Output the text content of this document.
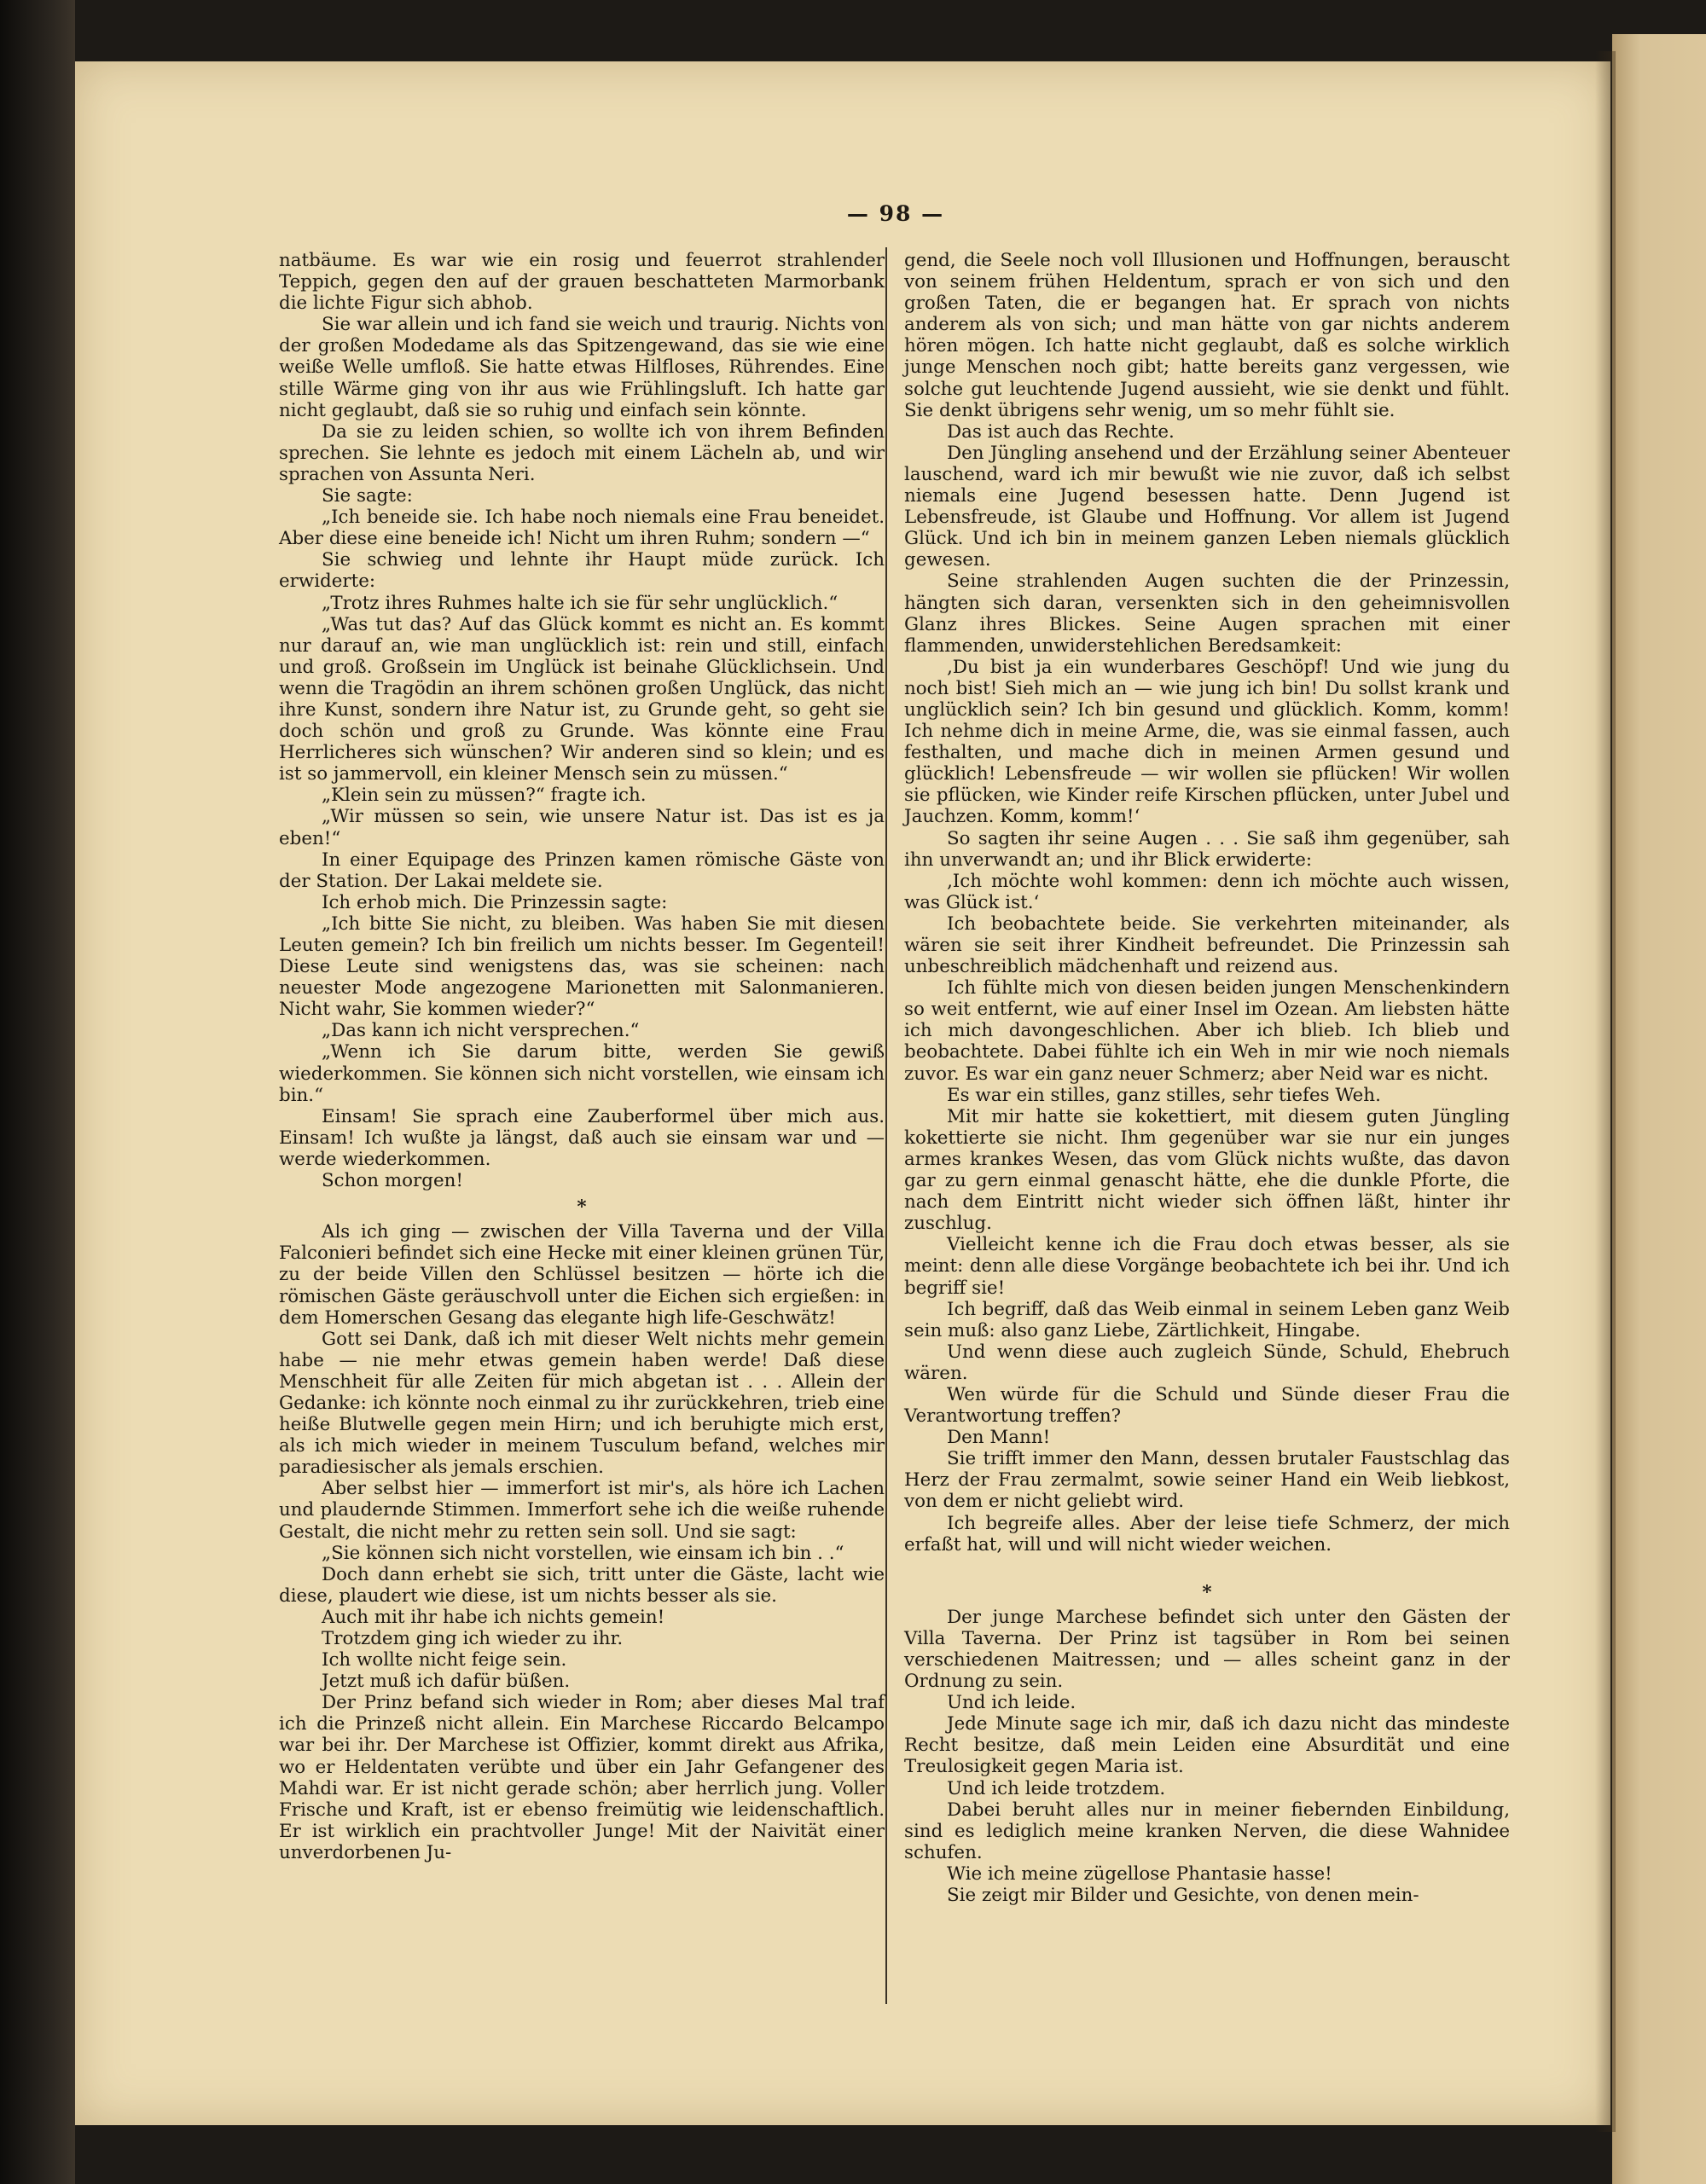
— 98 —

natbäume. Es war wie ein rosig und feuerrot strahlender Teppich, gegen den auf der grauen beschatteten Marmorbank die lichte Figur sich abhob.

Sie war allein und ich fand sie weich und traurig. Nichts von der großen Modedame als das Spitzengewand, das sie wie eine weiße Welle umfloß. Sie hatte etwas Hilfloses, Rührendes. Eine stille Wärme ging von ihr aus wie Frühlingsluft. Ich hatte gar nicht geglaubt, daß sie so ruhig und einfach sein könnte.

Da sie zu leiden schien, so wollte ich von ihrem Befinden sprechen. Sie lehnte es jedoch mit einem Lächeln ab, und wir sprachen von Assunta Neri.

Sie sagte:

„Ich beneide sie. Ich habe noch niemals eine Frau beneidet. Aber diese eine beneide ich! Nicht um ihren Ruhm; sondern —“

Sie schwieg und lehnte ihr Haupt müde zurück. Ich erwiderte:

„Trotz ihres Ruhmes halte ich sie für sehr unglücklich.“

„Was tut das? Auf das Glück kommt es nicht an. Es kommt nur darauf an, wie man unglücklich ist: rein und still, einfach und groß. Großsein im Unglück ist beinahe Glücklichsein. Und wenn die Tragödin an ihrem schönen großen Unglück, das nicht ihre Kunst, sondern ihre Natur ist, zu Grunde geht, so geht sie doch schön und groß zu Grunde. Was könnte eine Frau Herrlicheres sich wünschen? Wir anderen sind so klein; und es ist so jammervoll, ein kleiner Mensch sein zu müssen.“

„Klein sein zu müssen?“ fragte ich.

„Wir müssen so sein, wie unsere Natur ist. Das ist es ja eben!“

In einer Equipage des Prinzen kamen römische Gäste von der Station. Der Lakai meldete sie.

Ich erhob mich. Die Prinzessin sagte:

„Ich bitte Sie nicht, zu bleiben. Was haben Sie mit diesen Leuten gemein? Ich bin freilich um nichts besser. Im Gegenteil! Diese Leute sind wenigstens das, was sie scheinen: nach neuester Mode angezogene Marionetten mit Salonmanieren. Nicht wahr, Sie kommen wieder?“

„Das kann ich nicht versprechen.“

„Wenn ich Sie darum bitte, werden Sie gewiß wiederkommen. Sie können sich nicht vorstellen, wie einsam ich bin.“

Einsam! Sie sprach eine Zauberformel über mich aus. Einsam! Ich wußte ja längst, daß auch sie einsam war und — werde wiederkommen.

Schon morgen!

*

Als ich ging — zwischen der Villa Taverna und der Villa Falconieri befindet sich eine Hecke mit einer kleinen grünen Tür, zu der beide Villen den Schlüssel besitzen — hörte ich die römischen Gäste geräuschvoll unter die Eichen sich ergießen: in dem Homerschen Gesang das elegante high life-Geschwätz!

Gott sei Dank, daß ich mit dieser Welt nichts mehr gemein habe — nie mehr etwas gemein haben werde! Daß diese Menschheit für alle Zeiten für mich abgetan ist . . . Allein der Gedanke: ich könnte noch einmal zu ihr zurückkehren, trieb eine heiße Blutwelle gegen mein Hirn; und ich beruhigte mich erst, als ich mich wieder in meinem Tusculum befand, welches mir paradiesischer als jemals erschien.

Aber selbst hier — immerfort ist mir's, als höre ich Lachen und plaudernde Stimmen. Immerfort sehe ich die weiße ruhende Gestalt, die nicht mehr zu retten sein soll. Und sie sagt:

„Sie können sich nicht vorstellen, wie einsam ich bin . .“

Doch dann erhebt sie sich, tritt unter die Gäste, lacht wie diese, plaudert wie diese, ist um nichts besser als sie.

Auch mit ihr habe ich nichts gemein!

Trotzdem ging ich wieder zu ihr.

Ich wollte nicht feige sein.

Jetzt muß ich dafür büßen.

Der Prinz befand sich wieder in Rom; aber dieses Mal traf ich die Prinzeß nicht allein. Ein Marchese Riccardo Belcampo war bei ihr. Der Marchese ist Offizier, kommt direkt aus Afrika, wo er Heldentaten verübte und über ein Jahr Gefangener des Mahdi war. Er ist nicht gerade schön; aber herrlich jung. Voller Frische und Kraft, ist er ebenso freimütig wie leidenschaftlich. Er ist wirklich ein prachtvoller Junge! Mit der Naivität einer unverdorbenen Ju-

gend, die Seele noch voll Illusionen und Hoffnungen, berauscht von seinem frühen Heldentum, sprach er von sich und den großen Taten, die er begangen hat. Er sprach von nichts anderem als von sich; und man hätte von gar nichts anderem hören mögen. Ich hatte nicht geglaubt, daß es solche wirklich junge Menschen noch gibt; hatte bereits ganz vergessen, wie solche gut leuchtende Jugend aussieht, wie sie denkt und fühlt. Sie denkt übrigens sehr wenig, um so mehr fühlt sie.

Das ist auch das Rechte.

Den Jüngling ansehend und der Erzählung seiner Abenteuer lauschend, ward ich mir bewußt wie nie zuvor, daß ich selbst niemals eine Jugend besessen hatte. Denn Jugend ist Lebensfreude, ist Glaube und Hoffnung. Vor allem ist Jugend Glück. Und ich bin in meinem ganzen Leben niemals glücklich gewesen.

Seine strahlenden Augen suchten die der Prinzessin, hängten sich daran, versenkten sich in den geheimnisvollen Glanz ihres Blickes. Seine Augen sprachen mit einer flammenden, unwiderstehlichen Beredsamkeit:

‚Du bist ja ein wunderbares Geschöpf! Und wie jung du noch bist! Sieh mich an — wie jung ich bin! Du sollst krank und unglücklich sein? Ich bin gesund und glücklich. Komm, komm! Ich nehme dich in meine Arme, die, was sie einmal fassen, auch festhalten, und mache dich in meinen Armen gesund und glücklich! Lebensfreude — wir wollen sie pflücken! Wir wollen sie pflücken, wie Kinder reife Kirschen pflücken, unter Jubel und Jauchzen. Komm, komm!‘

So sagten ihr seine Augen . . . Sie saß ihm gegenüber, sah ihn unverwandt an; und ihr Blick erwiderte:

‚Ich möchte wohl kommen: denn ich möchte auch wissen, was Glück ist.‘

Ich beobachtete beide. Sie verkehrten miteinander, als wären sie seit ihrer Kindheit befreundet. Die Prinzessin sah unbeschreiblich mädchenhaft und reizend aus.

Ich fühlte mich von diesen beiden jungen Menschenkindern so weit entfernt, wie auf einer Insel im Ozean. Am liebsten hätte ich mich davongeschlichen. Aber ich blieb. Ich blieb und beobachtete. Dabei fühlte ich ein Weh in mir wie noch niemals zuvor. Es war ein ganz neuer Schmerz; aber Neid war es nicht.

Es war ein stilles, ganz stilles, sehr tiefes Weh.

Mit mir hatte sie kokettiert, mit diesem guten Jüngling kokettierte sie nicht. Ihm gegenüber war sie nur ein junges armes krankes Wesen, das vom Glück nichts wußte, das davon gar zu gern einmal genascht hätte, ehe die dunkle Pforte, die nach dem Eintritt nicht wieder sich öffnen läßt, hinter ihr zuschlug.

Vielleicht kenne ich die Frau doch etwas besser, als sie meint: denn alle diese Vorgänge beobachtete ich bei ihr. Und ich begriff sie!

Ich begriff, daß das Weib einmal in seinem Leben ganz Weib sein muß: also ganz Liebe, Zärtlichkeit, Hingabe.

Und wenn diese auch zugleich Sünde, Schuld, Ehebruch wären.

Wen würde für die Schuld und Sünde dieser Frau die Verantwortung treffen?

Den Mann!

Sie trifft immer den Mann, dessen brutaler Faustschlag das Herz der Frau zermalmt, sowie seiner Hand ein Weib liebkost, von dem er nicht geliebt wird.

Ich begreife alles. Aber der leise tiefe Schmerz, der mich erfaßt hat, will und will nicht wieder weichen.

*

Der junge Marchese befindet sich unter den Gästen der Villa Taverna. Der Prinz ist tagsüber in Rom bei seinen verschiedenen Maitressen; und — alles scheint ganz in der Ordnung zu sein.

Und ich leide.

Jede Minute sage ich mir, daß ich dazu nicht das mindeste Recht besitze, daß mein Leiden eine Absurdität und eine Treulosigkeit gegen Maria ist.

Und ich leide trotzdem.

Dabei beruht alles nur in meiner fiebernden Einbildung, sind es lediglich meine kranken Nerven, die diese Wahnidee schufen.

Wie ich meine zügellose Phantasie hasse!

Sie zeigt mir Bilder und Gesichte, von denen mein-
